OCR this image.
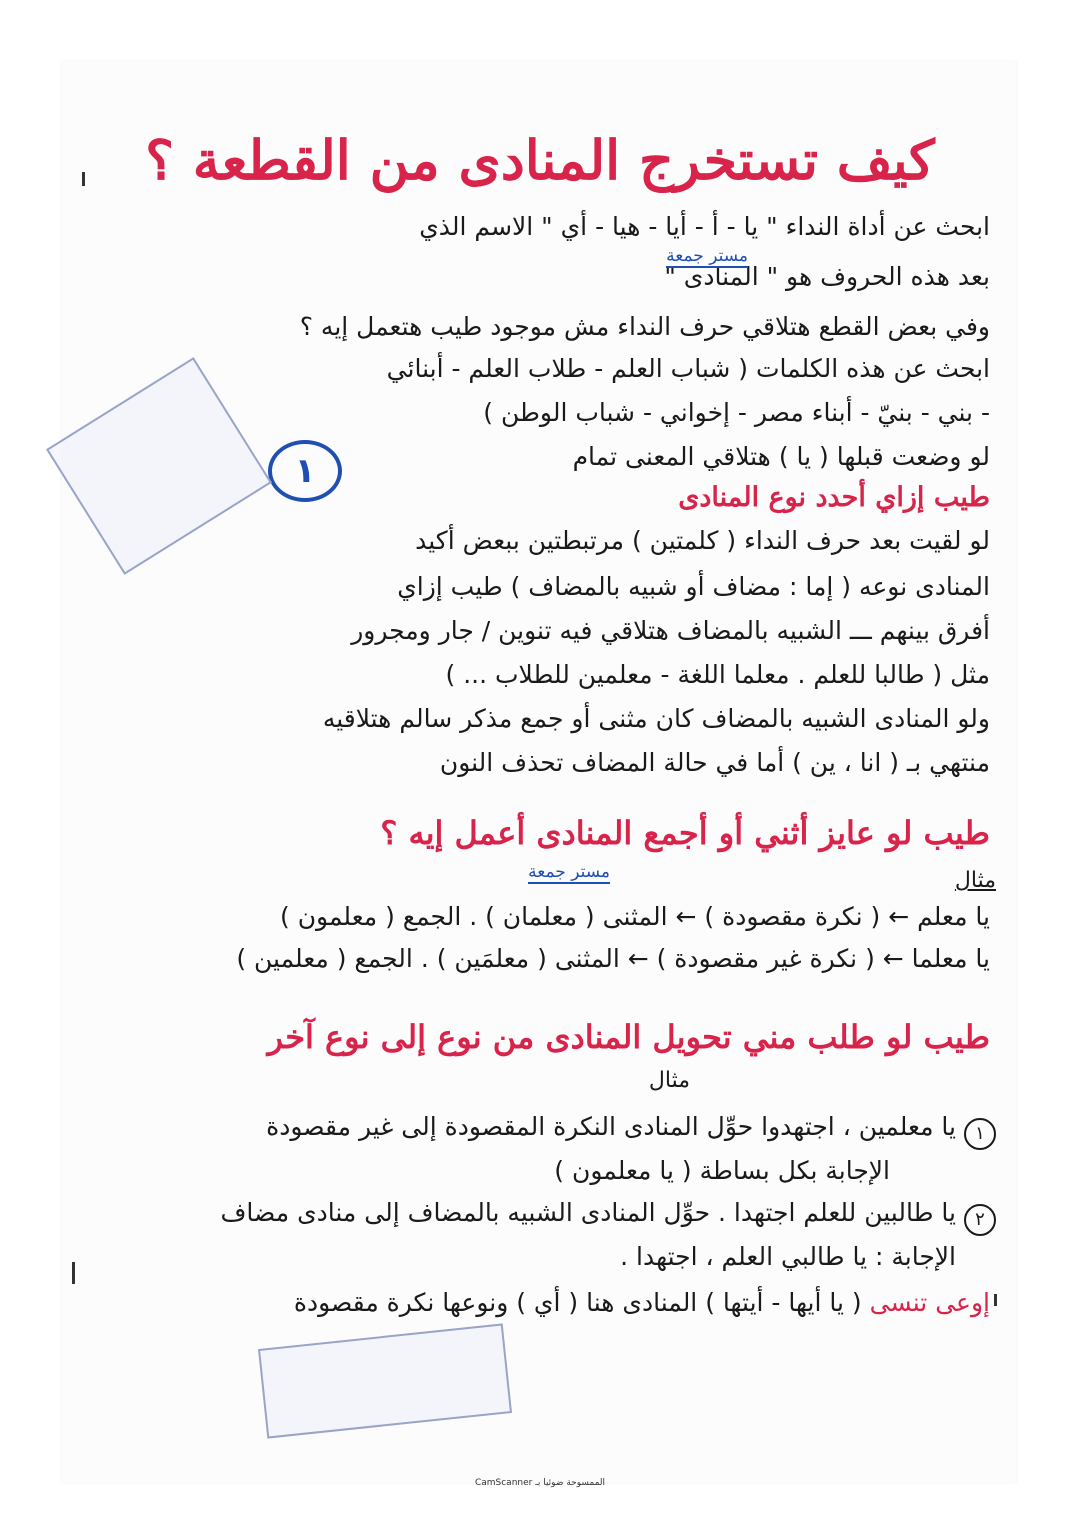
كيف تستخرج المنادى من القطعة ؟

ابحث عن أداة النداء " يا - أ - أيا - هيا - أي " الاسم الذي

بعد هذه الحروف هو " المنادى "

مستر جمعة

وفي بعض القطع هتلاقي حرف النداء مش موجود طيب هتعمل إيه ؟

ابحث عن هذه الكلمات ( شباب العلم - طلاب العلم - أبنائي

- بني - بنيّ - أبناء مصر - إخواني - شباب الوطن )

لو وضعت قبلها ( يا ) هتلاقي المعنى تمام

١

طيب إزاي أحدد نوع المنادى

لو لقيت بعد حرف النداء ( كلمتين ) مرتبطتين ببعض أكيد

المنادى نوعه ( إما : مضاف أو شبيه بالمضاف ) طيب إزاي

أفرق بينهم ـــ الشبيه بالمضاف هتلاقي فيه تنوين / جار ومجرور

مثل ( طالبا للعلم . معلما اللغة - معلمين للطلاب ... )

ولو المنادى الشبيه بالمضاف كان مثنى أو جمع مذكر سالم هتلاقيه

منتهي بـ ( انا ، ين ) أما في حالة المضاف تحذف النون

طيب لو عايز أثني أو أجمع المنادى أعمل إيه ؟

مستر جمعة	مثال

يا معلم ← ( نكرة مقصودة ) ← المثنى ( معلمان ) . الجمع ( معلمون )

يا معلما ← ( نكرة غير مقصودة ) ← المثنى ( معلمَين ) . الجمع ( معلمين )

طيب لو طلب مني تحويل المنادى من نوع إلى نوع آخر

مثال

١

يا معلمين ، اجتهدوا حوِّل المنادى النكرة المقصودة إلى غير مقصودة

الإجابة بكل بساطة ( يا معلمون )

٢

يا طالبين للعلم اجتهدا . حوِّل المنادى الشبيه بالمضاف إلى منادى مضاف

الإجابة : يا طالبي العلم ، اجتهدا .

إوعى تنسى ( يا أيها - أيتها ) المنادى هنا ( أي ) ونوعها نكرة مقصودة

الممسوحة ضوئيا بـ CamScanner
